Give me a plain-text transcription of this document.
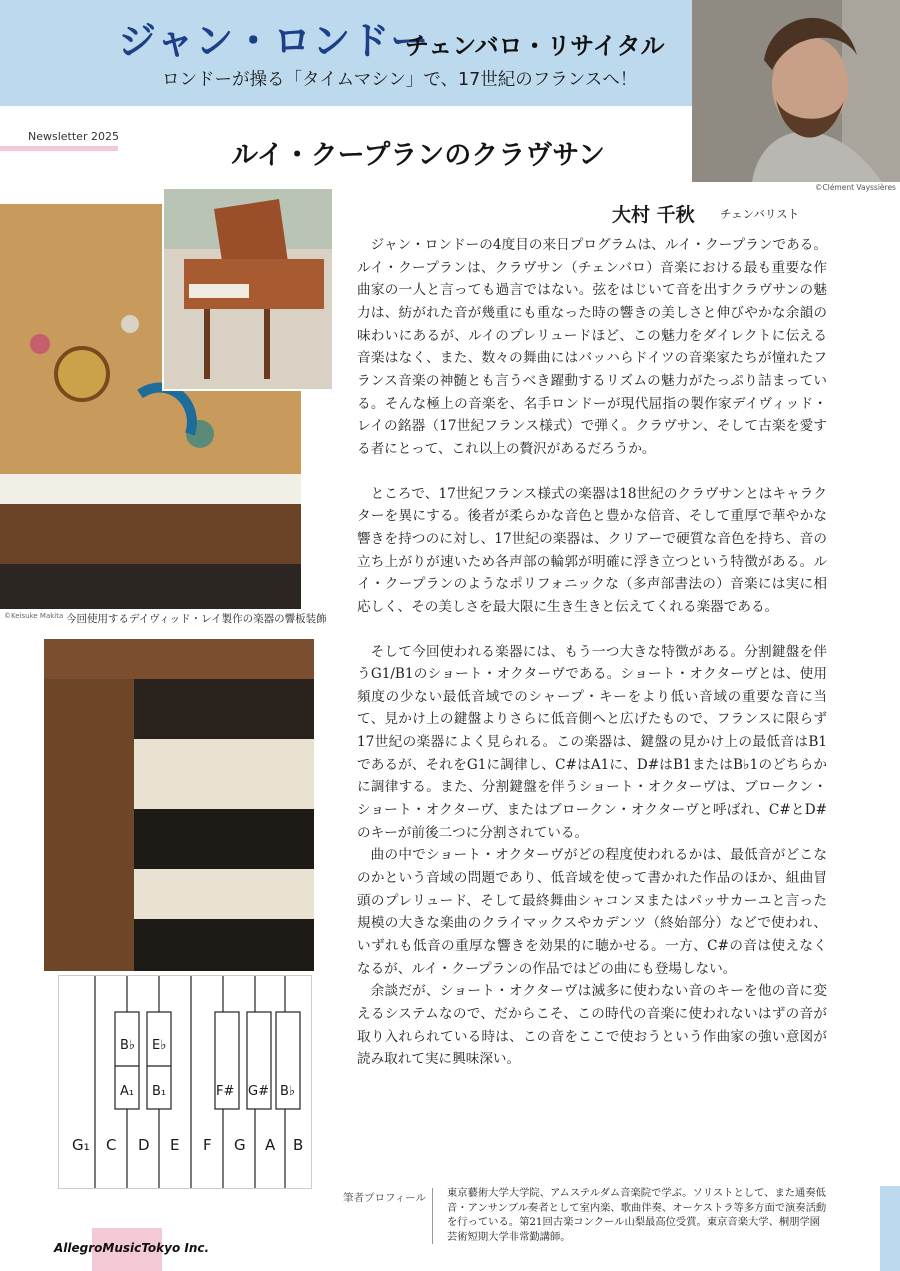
ジャン・ロンドー
チェンバロ・リサイタル
ロンドーが操る「タイムマシン」で、17世紀のフランスへ！
©Clément Vayssières
Newsletter 2025
ルイ・クープランのクラヴサン
©Keisuke Makita 今回使用するデイヴィッド・レイ製作の楽器の響板装飾
B♭ E♭
F# G# B♭
A₁ B₁
G₁ C D E F G A B
大村 千秋 チェンバリスト

ジャン・ロンドーの4度目の来日プログラムは、ルイ・クープランである。ルイ・クープランは、クラヴサン（チェンバロ）音楽における最も重要な作曲家の一人と言っても過言ではない。弦をはじいて音を出すクラヴサンの魅力は、紡がれた音が幾重にも重なった時の響きの美しさと伸びやかな余韻の味わいにあるが、ルイのプレリュードほど、この魅力をダイレクトに伝える音楽はなく、また、数々の舞曲にはバッハらドイツの音楽家たちが憧れたフランス音楽の神髄とも言うべき躍動するリズムの魅力がたっぷり詰まっている。そんな極上の音楽を、名手ロンドーが現代屈指の製作家デイヴィッド・レイの銘器（17世紀フランス様式）で弾く。クラヴサン、そして古楽を愛する者にとって、これ以上の贅沢があるだろうか。

ところで、17世紀フランス様式の楽器は18世紀のクラヴサンとはキャラクターを異にする。後者が柔らかな音色と豊かな倍音、そして重厚で華やかな響きを持つのに対し、17世紀の楽器は、クリアーで硬質な音色を持ち、音の立ち上がりが速いため各声部の輪郭が明確に浮き立つという特徴がある。ルイ・クープランのようなポリフォニックな（多声部書法の）音楽には実に相応しく、その美しさを最大限に生き生きと伝えてくれる楽器である。

そして今回使われる楽器には、もう一つ大きな特徴がある。分割鍵盤を伴うG1/B1のショート・オクターヴである。ショート・オクターヴとは、使用頻度の少ない最低音域でのシャープ・キーをより低い音域の重要な音に当て、見かけ上の鍵盤よりさらに低音側へと広げたもので、フランスに限らず17世紀の楽器によく見られる。この楽器は、鍵盤の見かけ上の最低音はB1であるが、それをG1に調律し、C#はA1に、D#はB1またはB♭1のどちらかに調律する。また、分割鍵盤を伴うショート・オクターヴは、ブロークン・ショート・オクターヴ、またはブロークン・オクターヴと呼ばれ、C#とD#のキーが前後二つに分割されている。

曲の中でショート・オクターヴがどの程度使われるかは、最低音がどこなのかという音域の問題であり、低音域を使って書かれた作品のほか、組曲冒頭のプレリュード、そして最終舞曲シャコンヌまたはパッサカーユと言った規模の大きな楽曲のクライマックスやカデンツ（終始部分）などで使われ、いずれも低音の重厚な響きを効果的に聴かせる。一方、C#の音は使えなくなるが、ルイ・クープランの作品ではどの曲にも登場しない。

余談だが、ショート・オクターヴは滅多に使わない音のキーを他の音に変えるシステムなので、だからこそ、この時代の音楽に使われないはずの音が取り入れられている時は、この音をここで使おうという作曲家の強い意図が読み取れて実に興味深い。

筆者プロフィール 東京藝術大学大学院、アムステルダム音楽院で学ぶ。ソリストとして、また通奏低音・アンサンブル奏者として室内楽、歌曲伴奏、オーケストラ等多方面で演奏活動を行っている。第21回古楽コンクール山梨最高位受賞。東京音楽大学、桐朋学園芸術短期大学非常勤講師。
AllegroMusicTokyo Inc.
